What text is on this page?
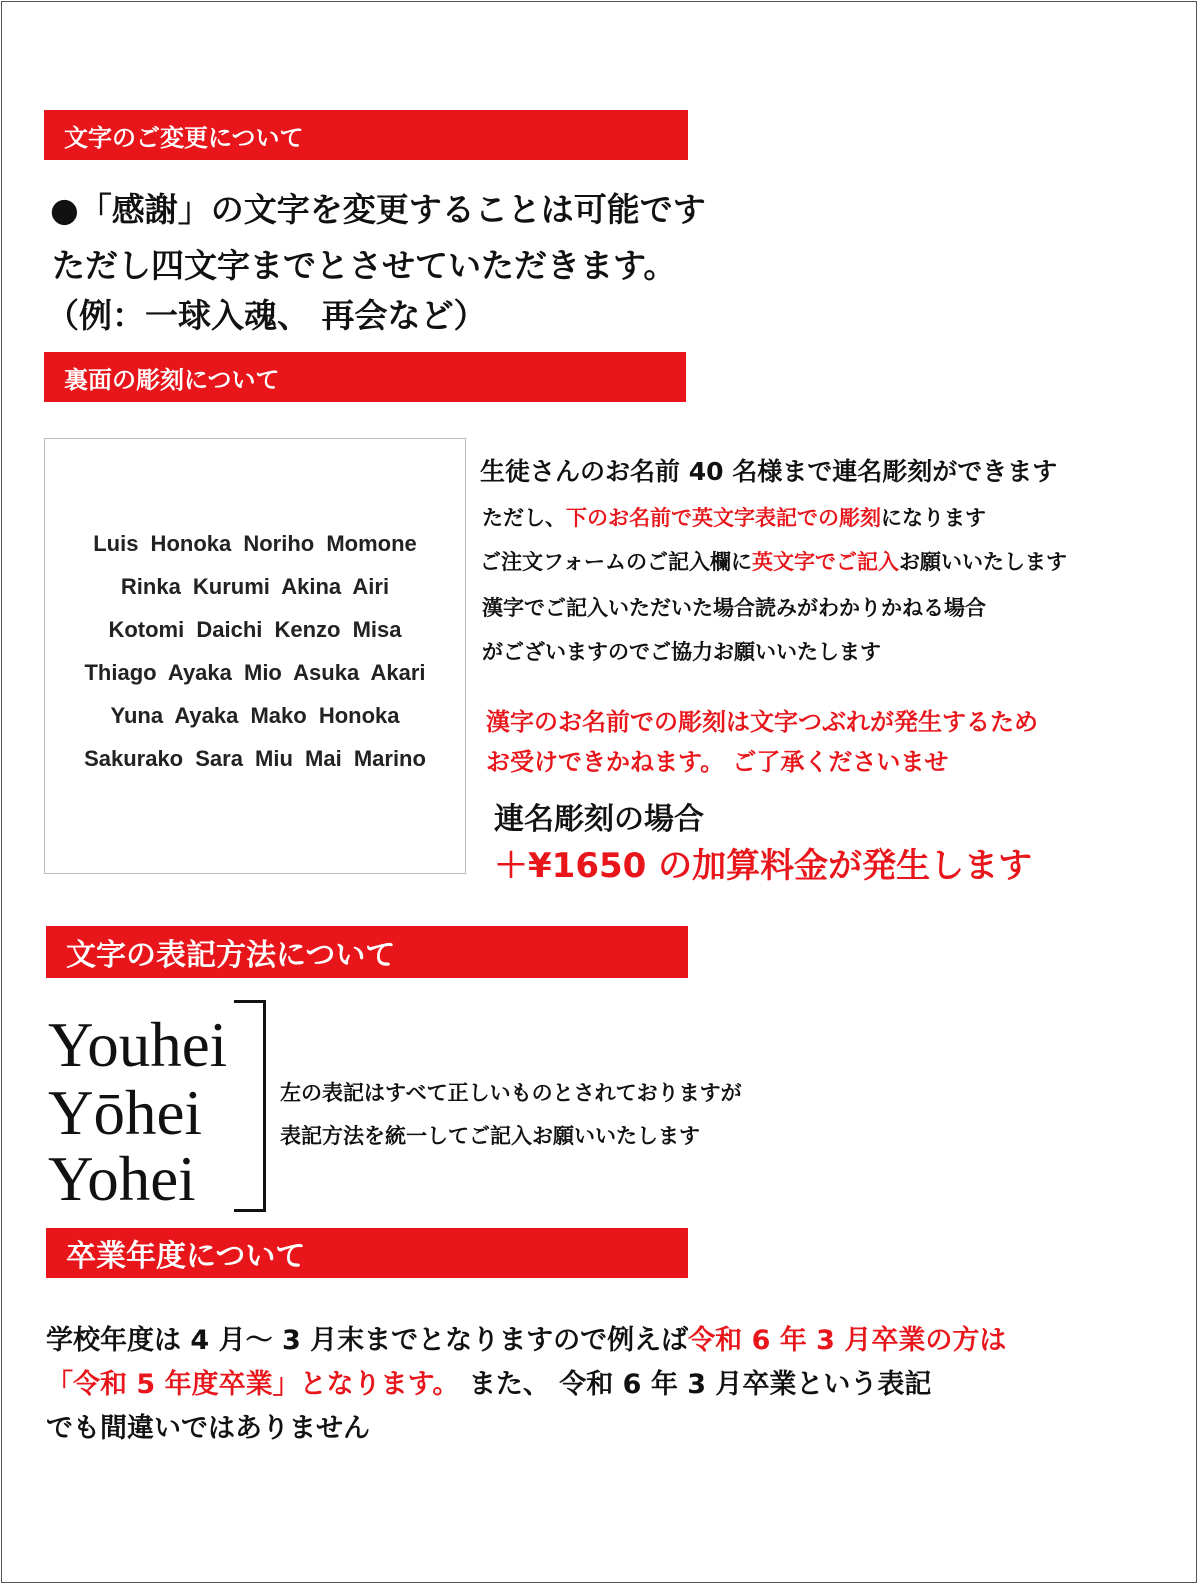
文字のご変更について
●「感謝」の文字を変更することは可能です
ただし四文字までとさせていただきます。
（例：一球入魂、 再会など）
裏面の彫刻について
Luis Honoka Noriho Momone
Rinka Kurumi Akina Airi
Kotomi Daichi Kenzo Misa
Thiago Ayaka Mio Asuka Akari
Yuna Ayaka Mako Honoka
Sakurako Sara Miu Mai Marino
生徒さんのお名前 40 名様まで連名彫刻ができます
ただし、下のお名前で英文字表記での彫刻になります
ご注文フォームのご記入欄に英文字でご記入お願いいたします
漢字でご記入いただいた場合読みがわかりかねる場合
がございますのでご協力お願いいたします
漢字のお名前での彫刻は文字つぶれが発生するため
お受けできかねます。 ご了承くださいませ
連名彫刻の場合
＋¥1650 の加算料金が発生します
文字の表記方法について
Youhei
Yōhei
Yohei
左の表記はすべて正しいものとされておりますが
表記方法を統一してご記入お願いいたします
卒業年度について
学校年度は 4 月～ 3 月末までとなりますので例えば令和 6 年 3 月卒業の方は
「令和 5 年度卒業」となります。 また、 令和 6 年 3 月卒業という表記
でも間違いではありません
